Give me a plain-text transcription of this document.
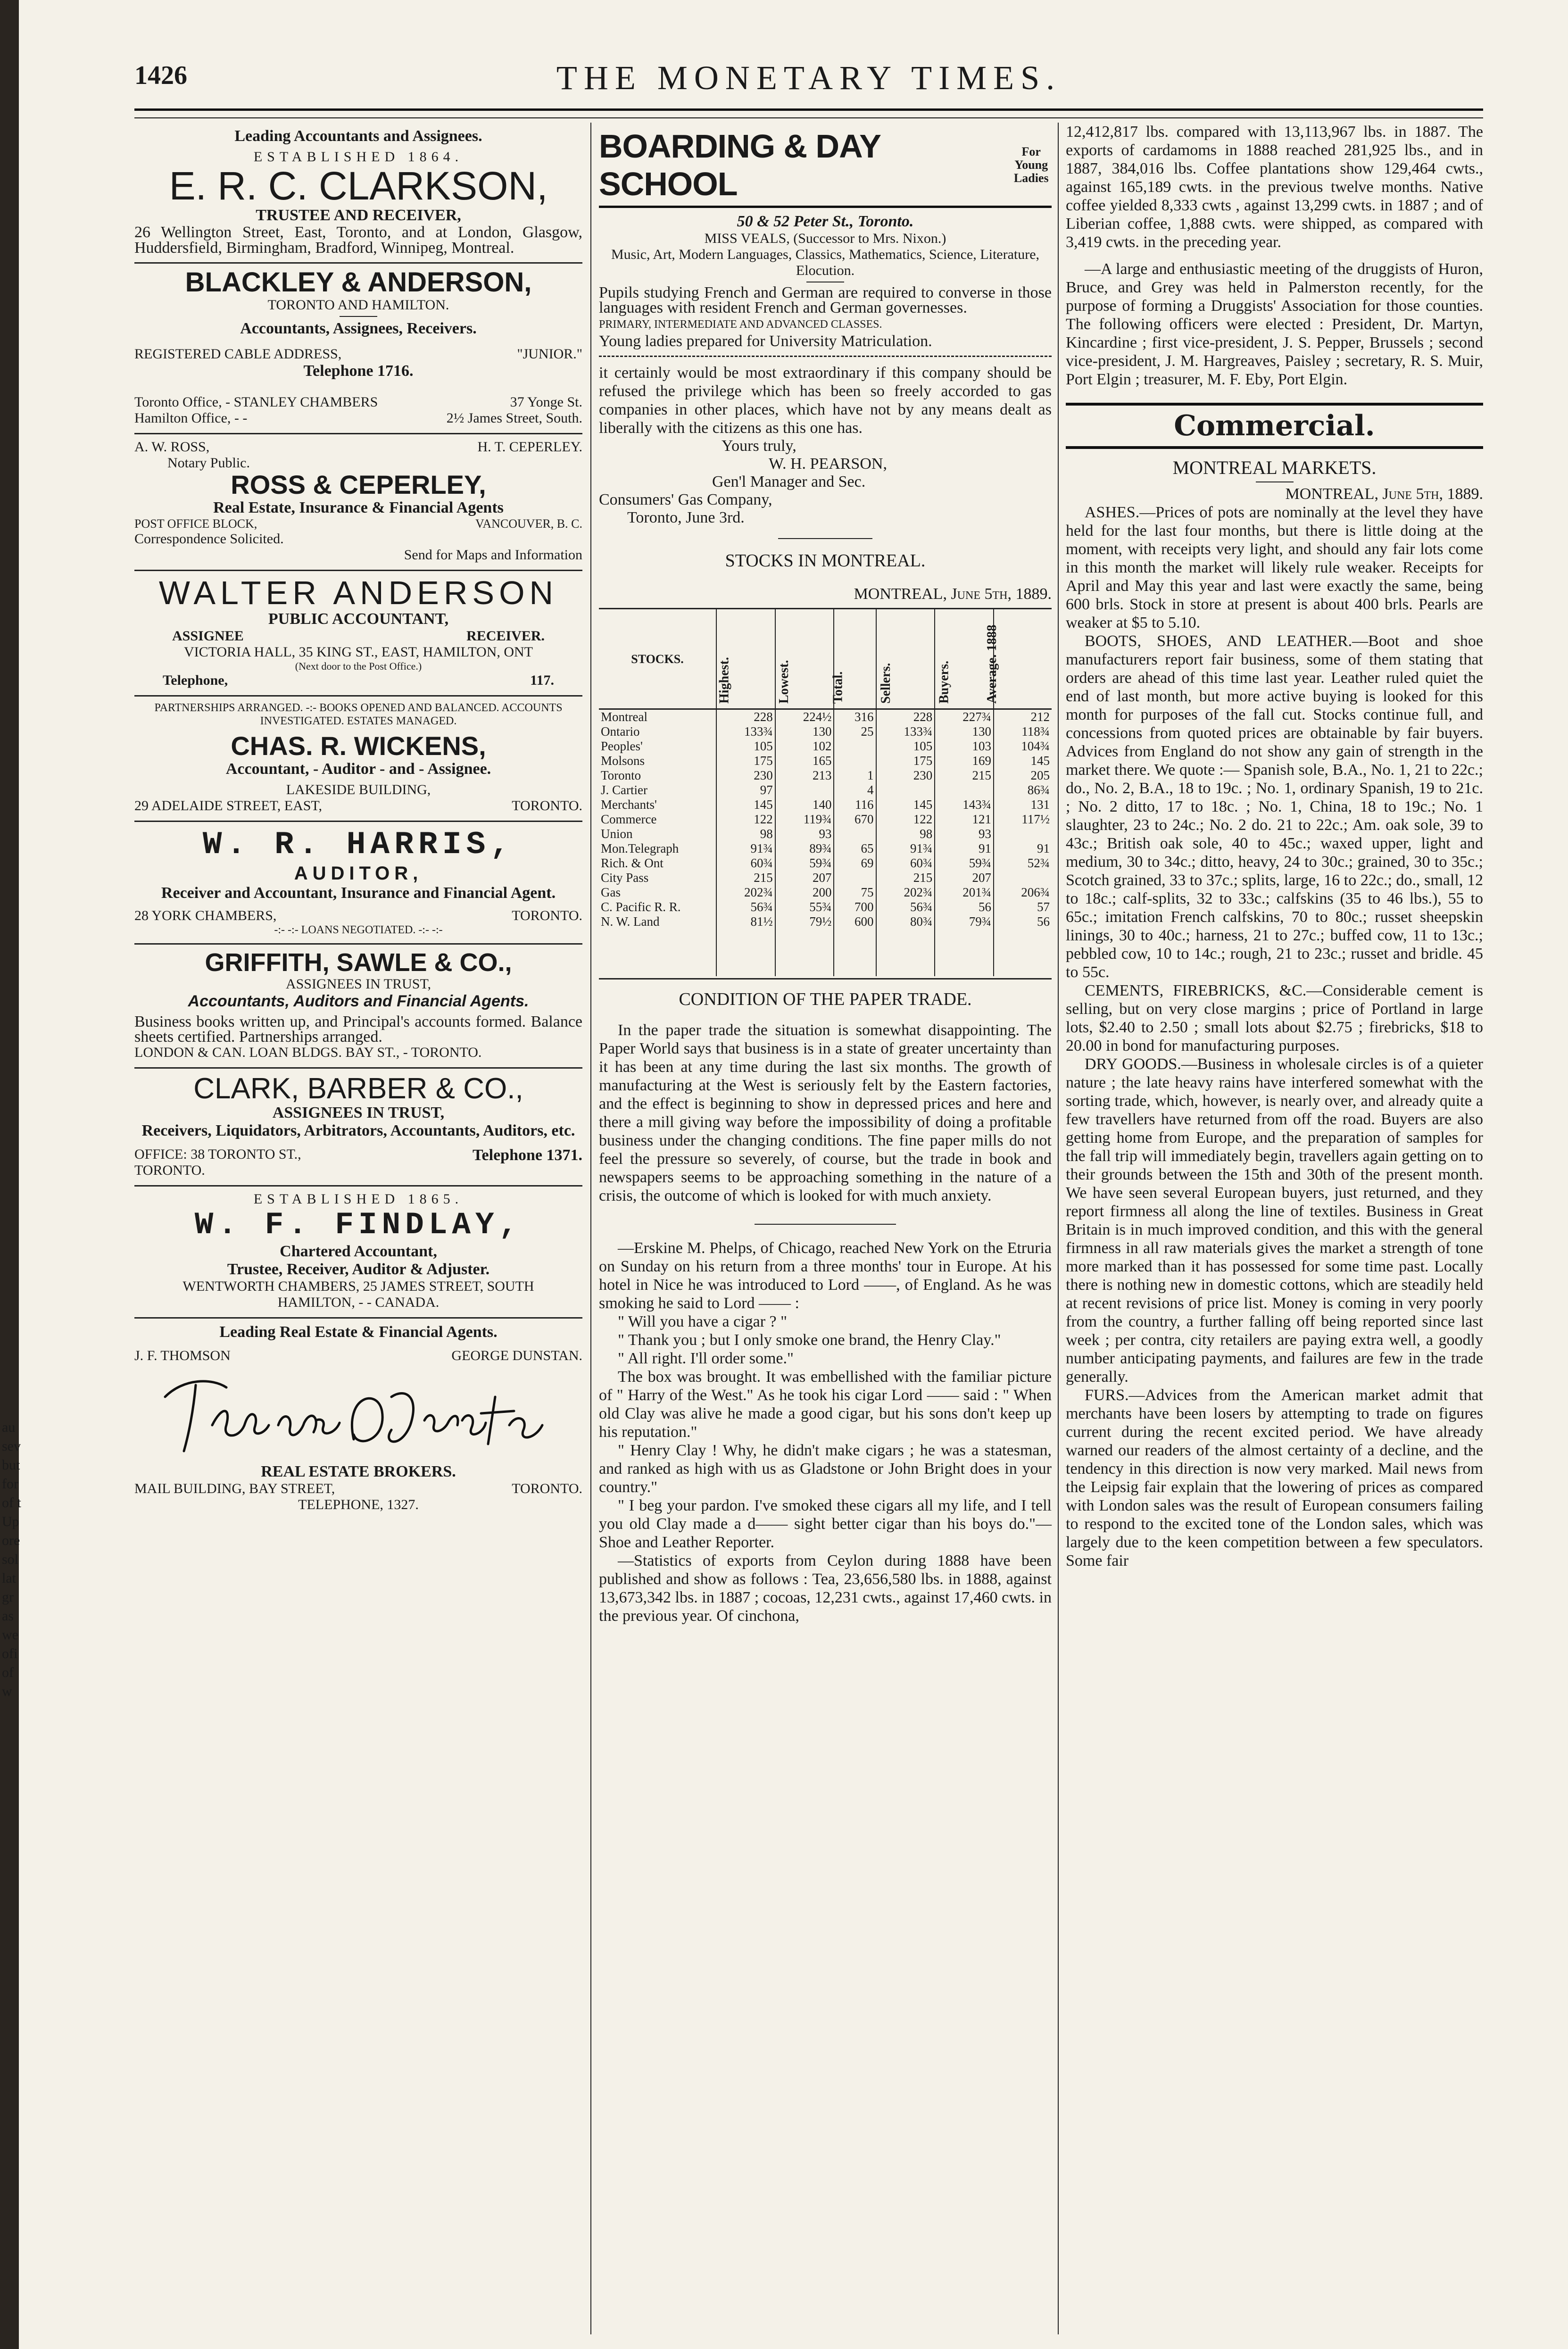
au
sev
but
for
of t
Up
ore
sol
lat
gr
as
we
ofi
of
w
1426	THE MONETARY TIMES.
Leading Accountants and Assignees.
ESTABLISHED 1864.
E. R. C. CLARKSON,
TRUSTEE AND RECEIVER,
26 Wellington Street, East, Toronto, and at London, Glasgow, Huddersfield, Birmingham, Bradford, Winnipeg, Montreal.
BLACKLEY & ANDERSON,
TORONTO AND HAMILTON.
Accountants, Assignees, Receivers.
REGISTERED CABLE ADDRESS,	"JUNIOR."
Telephone 1716.
Toronto Office, - STANLEY CHAMBERS	37 Yonge St.
Hamilton Office, - -	2½ James Street, South.
A. W. ROSS,	H. T. CEPERLEY.
Notary Public.
ROSS & CEPERLEY,
Real Estate, Insurance & Financial Agents
POST OFFICE BLOCK,	VANCOUVER, B. C.
Correspondence Solicited.
Send for Maps and Information
WALTER ANDERSON
PUBLIC ACCOUNTANT,
ASSIGNEE	RECEIVER.
VICTORIA HALL, 35 KING ST., EAST, HAMILTON, ONT
(Next door to the Post Office.)
Telephone,	117.
PARTNERSHIPS ARRANGED. -:- BOOKS OPENED AND BALANCED. ACCOUNTS INVESTIGATED. ESTATES MANAGED.
CHAS. R. WICKENS,
Accountant, - Auditor - and - Assignee.
LAKESIDE BUILDING,
29 ADELAIDE STREET, EAST,	TORONTO.
W. R. HARRIS,
AUDITOR,
Receiver and Accountant, Insurance and Financial Agent.
28 YORK CHAMBERS,	TORONTO.
-:- -:- LOANS NEGOTIATED. -:- -:-
GRIFFITH, SAWLE & CO.,
ASSIGNEES IN TRUST,
Accountants, Auditors and Financial Agents.
Business books written up, and Principal's accounts formed. Balance sheets certified. Partnerships arranged.
LONDON & CAN. LOAN BLDGS. BAY ST., - TORONTO.
CLARK, BARBER & CO.,
ASSIGNEES IN TRUST,
Receivers, Liquidators, Arbitrators, Accountants, Auditors, etc.
OFFICE: 38 TORONTO ST., TORONTO.
Telephone 1371.
ESTABLISHED 1865.
W. F. FINDLAY,
Chartered Accountant,
Trustee, Receiver, Auditor & Adjuster.
WENTWORTH CHAMBERS, 25 JAMES STREET, SOUTH
HAMILTON, - - CANADA.
Leading Real Estate & Financial Agents.
J. F. THOMSON	GEORGE DUNSTAN.
REAL ESTATE BROKERS.
MAIL BUILDING, BAY STREET,	TORONTO.
TELEPHONE, 1327.
BOARDING & DAY SCHOOL
For Young Ladies
50 & 52 Peter St., Toronto.
MISS VEALS, (Successor to Mrs. Nixon.)
Music, Art, Modern Languages, Classics, Mathematics, Science, Literature, Elocution.
Pupils studying French and German are required to converse in those languages with resident French and German governesses.
PRIMARY, INTERMEDIATE AND ADVANCED CLASSES.
Young ladies prepared for University Matriculation.

it certainly would be most extraordinary if this company should be refused the privilege which has been so freely accorded to gas companies in other places, which have not by any means dealt as liberally with the citizens as this one has.

Yours truly,
W. H. PEARSON,
Gen'l Manager and Sec.
Consumers' Gas Company,
Toronto, June 3rd.
STOCKS IN MONTREAL.
MONTREAL, June 5th, 1889.
STOCKS.	Highest.	Lowest.	Total.	Sellers.	Buyers.	Average. 1888

Montreal	228	224½	316	228	227¾	212
Ontario	133¾	130	25	133¾	130	118¾
Peoples'	105	102		105	103	104¾
Molsons	175	165		175	169	145
Toronto	230	213	1	230	215	205
J. Cartier	97		4			86¾
Merchants'	145	140	116	145	143¾	131
Commerce	122	119¾	670	122	121	117½
Union	98	93		98	93	
Mon.Telegraph	91¾	89¾	65	91¾	91	91
Rich. & Ont	60¾	59¾	69	60¾	59¾	52¾
City Pass	215	207		215	207	
Gas	202¾	200	75	202¾	201¾	206¾
C. Pacific R. R.	56¾	55¾	700	56¾	56	57
N. W. Land	81½	79½	600	80¾	79¾	56

CONDITION OF THE PAPER TRADE.

In the paper trade the situation is somewhat disappointing. The Paper World says that business is in a state of greater uncertainty than it has been at any time during the last six months. The growth of manufacturing at the West is seriously felt by the Eastern factories, and the effect is beginning to show in depressed prices and here and there a mill giving way before the impossibility of doing a profitable business under the changing conditions. The fine paper mills do not feel the pressure so severely, of course, but the trade in book and newspapers seems to be approaching something in the nature of a crisis, the outcome of which is looked for with much anxiety.

—Erskine M. Phelps, of Chicago, reached New York on the Etruria on Sunday on his return from a three months' tour in Europe. At his hotel in Nice he was introduced to Lord ——, of England. As he was smoking he said to Lord —— :

" Will you have a cigar ? "

" Thank you ; but I only smoke one brand, the Henry Clay."

" All right. I'll order some."

The box was brought. It was embellished with the familiar picture of " Harry of the West." As he took his cigar Lord —— said : " When old Clay was alive he made a good cigar, but his sons don't keep up his reputation."

" Henry Clay ! Why, he didn't make cigars ; he was a statesman, and ranked as high with us as Gladstone or John Bright does in your country."

" I beg your pardon. I've smoked these cigars all my life, and I tell you old Clay made a d—— sight better cigar than his boys do."—Shoe and Leather Reporter.

—Statistics of exports from Ceylon during 1888 have been published and show as follows : Tea, 23,656,580 lbs. in 1888, against 13,673,342 lbs. in 1887 ; cocoas, 12,231 cwts., against 17,460 cwts. in the previous year. Of cinchona,

12,412,817 lbs. compared with 13,113,967 lbs. in 1887. The exports of cardamoms in 1888 reached 281,925 lbs., and in 1887, 384,016 lbs. Coffee plantations show 129,464 cwts., against 165,189 cwts. in the previous twelve months. Native coffee yielded 8,333 cwts , against 13,299 cwts. in 1887 ; and of Liberian coffee, 1,888 cwts. were shipped, as compared with 3,419 cwts. in the preceding year.

—A large and enthusiastic meeting of the druggists of Huron, Bruce, and Grey was held in Palmerston recently, for the purpose of forming a Druggists' Association for those counties. The following officers were elected : President, Dr. Martyn, Kincardine ; first vice-president, J. S. Pepper, Brussels ; second vice-president, J. M. Hargreaves, Paisley ; secretary, R. S. Muir, Port Elgin ; treasurer, M. F. Eby, Port Elgin.

Commercial.
MONTREAL MARKETS.
MONTREAL, June 5th, 1889.

ASHES.—Prices of pots are nominally at the level they have held for the last four months, but there is little doing at the moment, with receipts very light, and should any fair lots come in this month the market will likely rule weaker. Receipts for April and May this year and last were exactly the same, being 600 brls. Stock in store at present is about 400 brls. Pearls are weaker at $5 to 5.10.

BOOTS, SHOES, AND LEATHER.—Boot and shoe manufacturers report fair business, some of them stating that orders are ahead of this time last year. Leather ruled quiet the end of last month, but more active buying is looked for this month for purposes of the fall cut. Stocks continue full, and concessions from quoted prices are obtainable by fair buyers. Advices from England do not show any gain of strength in the market there. We quote :— Spanish sole, B.A., No. 1, 21 to 22c.; do., No. 2, B.A., 18 to 19c. ; No. 1, ordinary Spanish, 19 to 21c. ; No. 2 ditto, 17 to 18c. ; No. 1, China, 18 to 19c.; No. 1 slaughter, 23 to 24c.; No. 2 do. 21 to 22c.; Am. oak sole, 39 to 43c.; British oak sole, 40 to 45c.; waxed upper, light and medium, 30 to 34c.; ditto, heavy, 24 to 30c.; grained, 30 to 35c.; Scotch grained, 33 to 37c.; splits, large, 16 to 22c.; do., small, 12 to 18c.; calf-splits, 32 to 33c.; calfskins (35 to 46 lbs.), 55 to 65c.; imitation French calfskins, 70 to 80c.; russet sheepskin linings, 30 to 40c.; harness, 21 to 27c.; buffed cow, 11 to 13c.; pebbled cow, 10 to 14c.; rough, 21 to 23c.; russet and bridle. 45 to 55c.

CEMENTS, FIREBRICKS, &C.—Considerable cement is selling, but on very close margins ; price of Portland in large lots, $2.40 to 2.50 ; small lots about $2.75 ; firebricks, $18 to 20.00 in bond for manufacturing purposes.

DRY GOODS.—Business in wholesale circles is of a quieter nature ; the late heavy rains have interfered somewhat with the sorting trade, which, however, is nearly over, and already quite a few travellers have returned from off the road. Buyers are also getting home from Europe, and the preparation of samples for the fall trip will immediately begin, travellers again getting on to their grounds between the 15th and 30th of the present month. We have seen several European buyers, just returned, and they report firmness all along the line of textiles. Business in Great Britain is in much improved condition, and this with the general firmness in all raw materials gives the market a strength of tone more marked than it has possessed for some time past. Locally there is nothing new in domestic cottons, which are steadily held at recent revisions of price list. Money is coming in very poorly from the country, a further falling off being reported since last week ; per contra, city retailers are paying extra well, a goodly number anticipating payments, and failures are few in the trade generally.

FURS.—Advices from the American market admit that merchants have been losers by attempting to trade on figures current during the recent excited period. We have already warned our readers of the almost certainty of a decline, and the tendency in this direction is now very marked. Mail news from the Leipsig fair explain that the lowering of prices as compared with London sales was the result of European consumers failing to respond to the excited tone of the London sales, which was largely due to the keen competition between a few speculators. Some fair
